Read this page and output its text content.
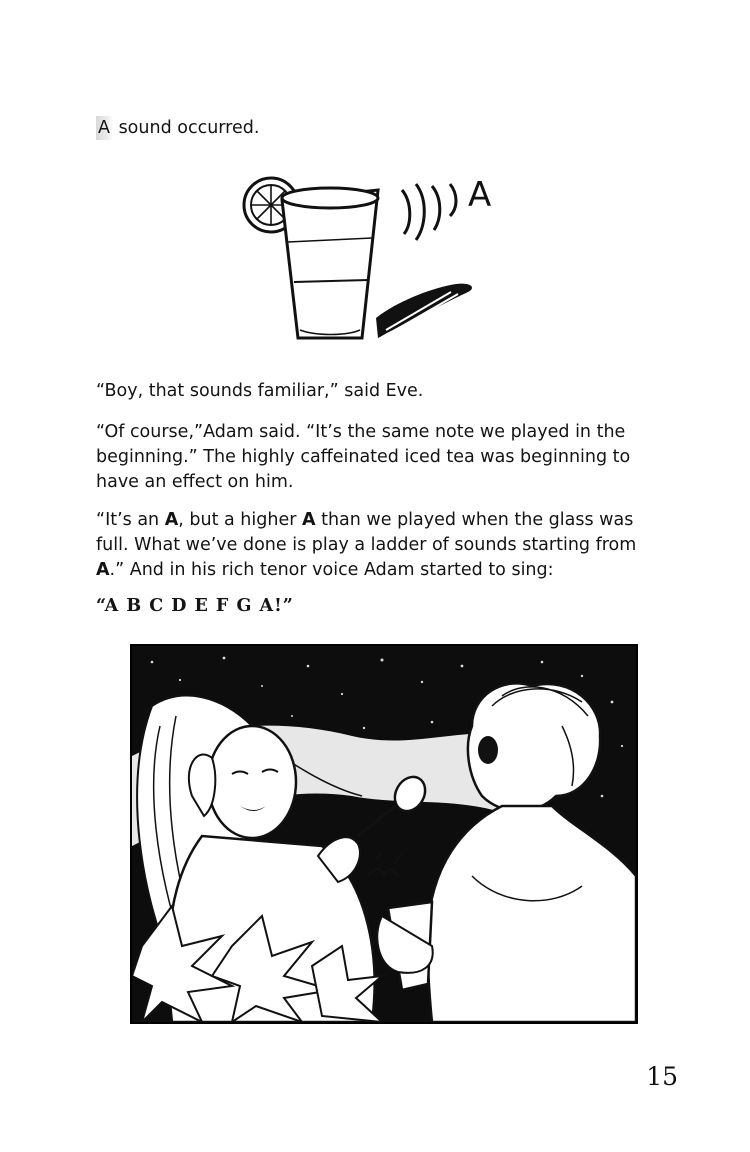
A sound occurred.
A
“Boy, that sounds familiar,” said Eve.
“Of course,”Adam said. “It’s the same note we played in the beginning.” The highly caffeinated iced tea was beginning to have an effect on him.
“It’s an A, but a higher A than we played when the glass was full. What we’ve done is play a ladder of sounds starting from A.” And in his rich tenor voice Adam started to sing:
“A B C D E F G A!”
15
